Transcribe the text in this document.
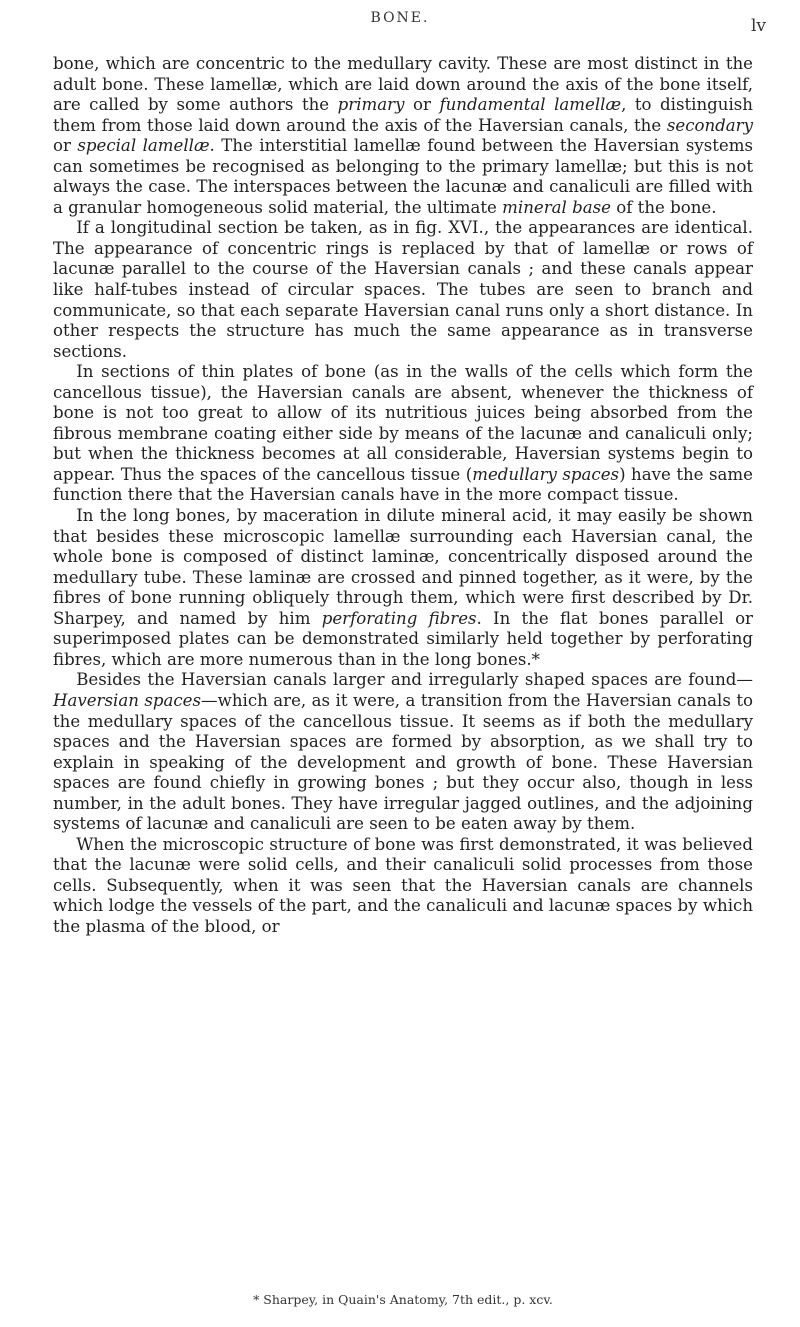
BONE.	lv

bone, which are concentric to the medullary cavity. These are most distinct in the adult bone. These lamellæ, which are laid down around the axis of the bone itself, are called by some authors the primary or fundamental lamellæ, to distinguish them from those laid down around the axis of the Haversian canals, the secondary or special lamellæ. The interstitial lamellæ found between the Haversian systems can sometimes be recognised as belonging to the primary lamellæ; but this is not always the case. The interspaces between the lacunæ and canaliculi are filled with a granular homogeneous solid material, the ultimate mineral base of the bone.

If a longitudinal section be taken, as in fig. XVI., the appearances are identical. The appearance of concentric rings is replaced by that of lamellæ or rows of lacunæ parallel to the course of the Haversian canals ; and these canals appear like half-tubes instead of circular spaces. The tubes are seen to branch and communicate, so that each separate Haversian canal runs only a short distance. In other respects the structure has much the same appearance as in transverse sections.

In sections of thin plates of bone (as in the walls of the cells which form the cancellous tissue), the Haversian canals are absent, whenever the thickness of bone is not too great to allow of its nutritious juices being absorbed from the fibrous membrane coating either side by means of the lacunæ and canaliculi only; but when the thickness becomes at all considerable, Haversian systems begin to appear. Thus the spaces of the cancellous tissue (medullary spaces) have the same function there that the Haversian canals have in the more compact tissue.

In the long bones, by maceration in dilute mineral acid, it may easily be shown that besides these microscopic lamellæ surrounding each Haversian canal, the whole bone is composed of distinct laminæ, concentrically disposed around the medullary tube. These laminæ are crossed and pinned together, as it were, by the fibres of bone running obliquely through them, which were first described by Dr. Sharpey, and named by him perforating fibres. In the flat bones parallel or superimposed plates can be demonstrated similarly held together by perforating fibres, which are more numerous than in the long bones.*

Besides the Haversian canals larger and irregularly shaped spaces are found—Haversian spaces—which are, as it were, a transition from the Haversian canals to the medullary spaces of the cancellous tissue. It seems as if both the medullary spaces and the Haversian spaces are formed by absorption, as we shall try to explain in speaking of the development and growth of bone. These Haversian spaces are found chiefly in growing bones ; but they occur also, though in less number, in the adult bones. They have irregular jagged outlines, and the adjoining systems of lacunæ and canaliculi are seen to be eaten away by them.

When the microscopic structure of bone was first demonstrated, it was believed that the lacunæ were solid cells, and their canaliculi solid processes from those cells. Subsequently, when it was seen that the Haversian canals are channels which lodge the vessels of the part, and the canaliculi and lacunæ spaces by which the plasma of the blood, or

* Sharpey, in Quain's Anatomy, 7th edit., p. xcv.
